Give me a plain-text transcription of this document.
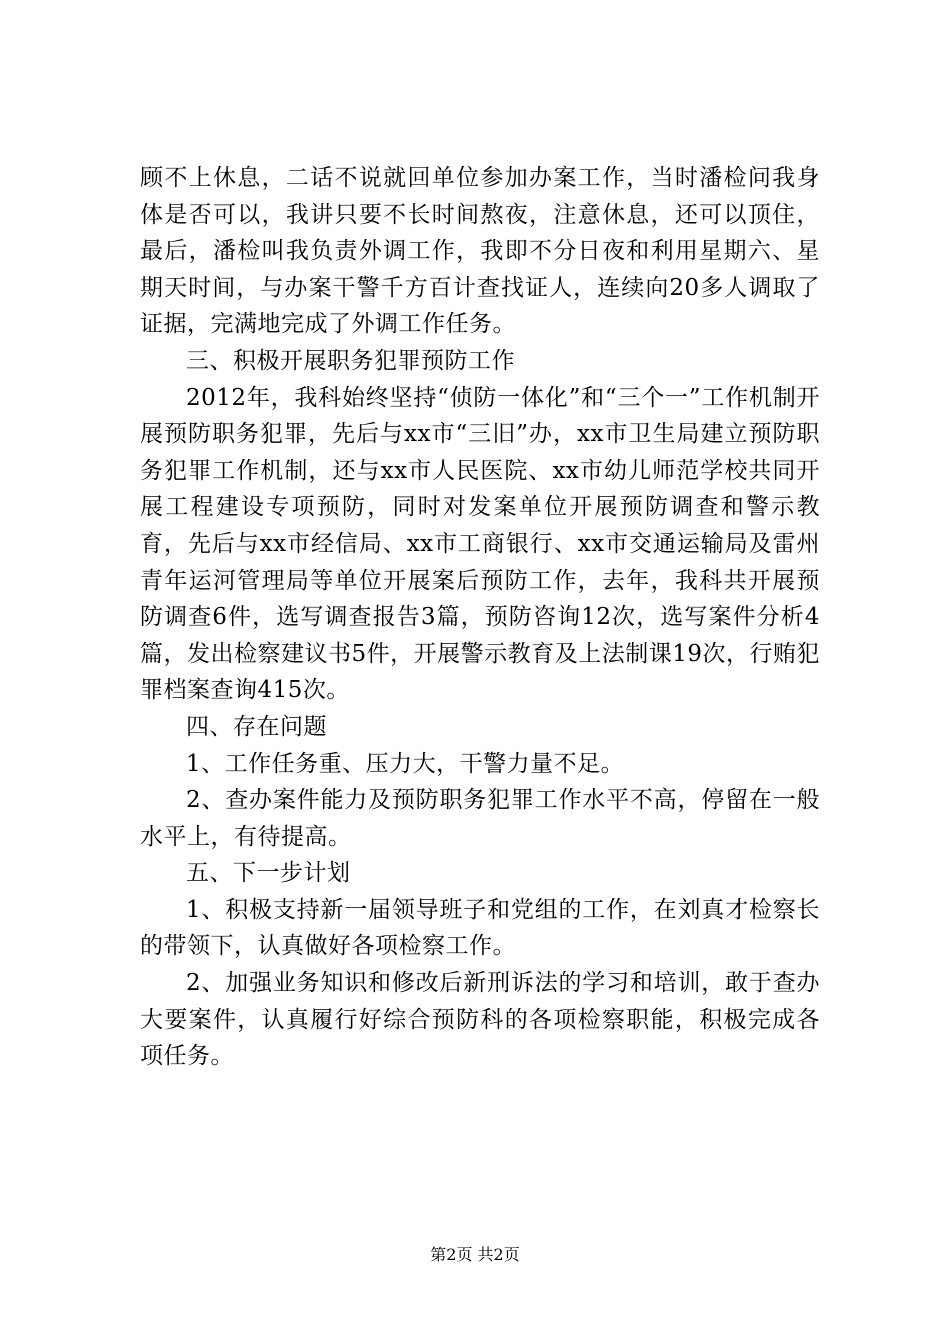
顾不上休息，二话不说就回单位参加办案工作，当时潘检问我身体是否可以，我讲只要不长时间熬夜，注意休息，还可以顶住，最后，潘检叫我负责外调工作，我即不分日夜和利用星期六、星期天时间，与办案干警千方百计查找证人，连续向20多人调取了证据，完满地完成了外调工作任务。

三、积极开展职务犯罪预防工作

2012年，我科始终坚持“侦防一体化”和“三个一”工作机制开展预防职务犯罪，先后与xx市“三旧”办，xx市卫生局建立预防职务犯罪工作机制，还与xx市人民医院、xx市幼儿师范学校共同开展工程建设专项预防，同时对发案单位开展预防调查和警示教育，先后与xx市经信局、xx市工商银行、xx市交通运输局及雷州青年运河管理局等单位开展案后预防工作，去年，我科共开展预防调查6件，选写调查报告3篇，预防咨询12次，选写案件分析4篇，发出检察建议书5件，开展警示教育及上法制课19次，行贿犯罪档案查询415次。

四、存在问题

1、工作任务重、压力大，干警力量不足。

2、查办案件能力及预防职务犯罪工作水平不高，停留在一般水平上，有待提高。

五、下一步计划

1、积极支持新一届领导班子和党组的工作，在刘真才检察长的带领下，认真做好各项检察工作。

2、加强业务知识和修改后新刑诉法的学习和培训，敢于查办大要案件，认真履行好综合预防科的各项检察职能，积极完成各项任务。

第2页 共2页
